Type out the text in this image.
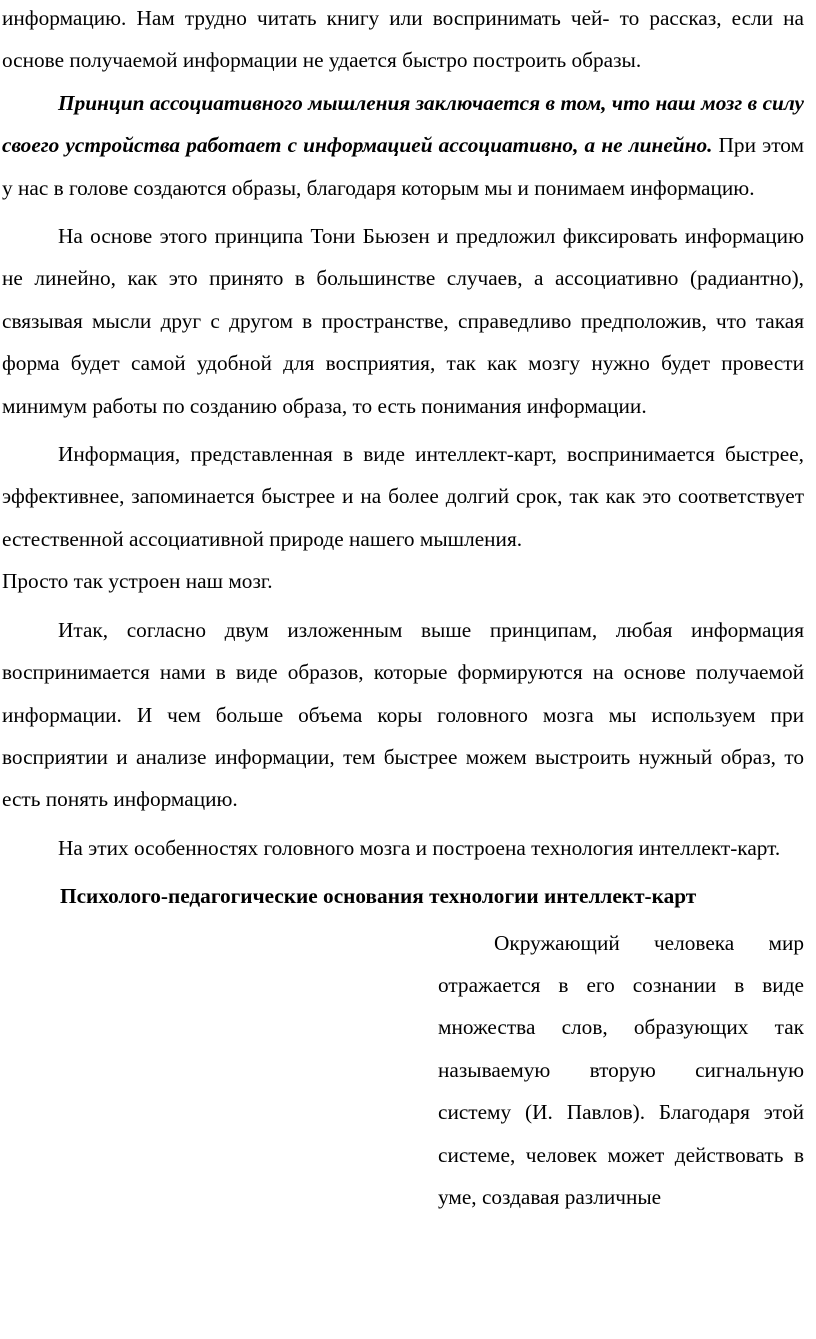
информацию. Нам трудно читать книгу или воспринимать чей- то рассказ, если на основе получаемой информации не удается быстро построить образы.

Принцип ассоциативного мышления заключается в том, что наш мозг в силу своего устройства работает с информацией ассоциативно, а не линейно. При этом у нас в голове создаются образы, благодаря которым мы и понимаем информацию.

На основе этого принципа Тони Бьюзен и предложил фиксировать информацию не линейно, как это принято в большинстве случаев, а ассоциативно (радиантно), связывая мысли друг с другом в пространстве, справедливо предположив, что такая форма будет самой удобной для восприятия, так как мозгу нужно будет провести минимум работы по созданию образа, то есть понимания информации.

Информация, представленная в виде интеллект-карт, воспринимается быстрее, эффективнее, запоминается быстрее и на более долгий срок, так как это соответствует естественной ассоциативной природе нашего мышления.

Просто так устроен наш мозг.

Итак, согласно двум изложенным выше принципам, любая информация воспринимается нами в виде образов, которые формируются на основе получаемой информации. И чем больше объема коры головного мозга мы используем при восприятии и анализе информации, тем быстрее можем выстроить нужный образ, то есть понять информацию.

На этих особенностях головного мозга и построена технология интеллект-карт.

Психолого-педагогические основания технологии интеллект-карт

Окружающий человека мир отражается в его сознании в виде множества слов, образующих так называемую вторую сигнальную систему (И. Павлов). Благодаря этой системе, человек может действовать в уме, создавая различные
